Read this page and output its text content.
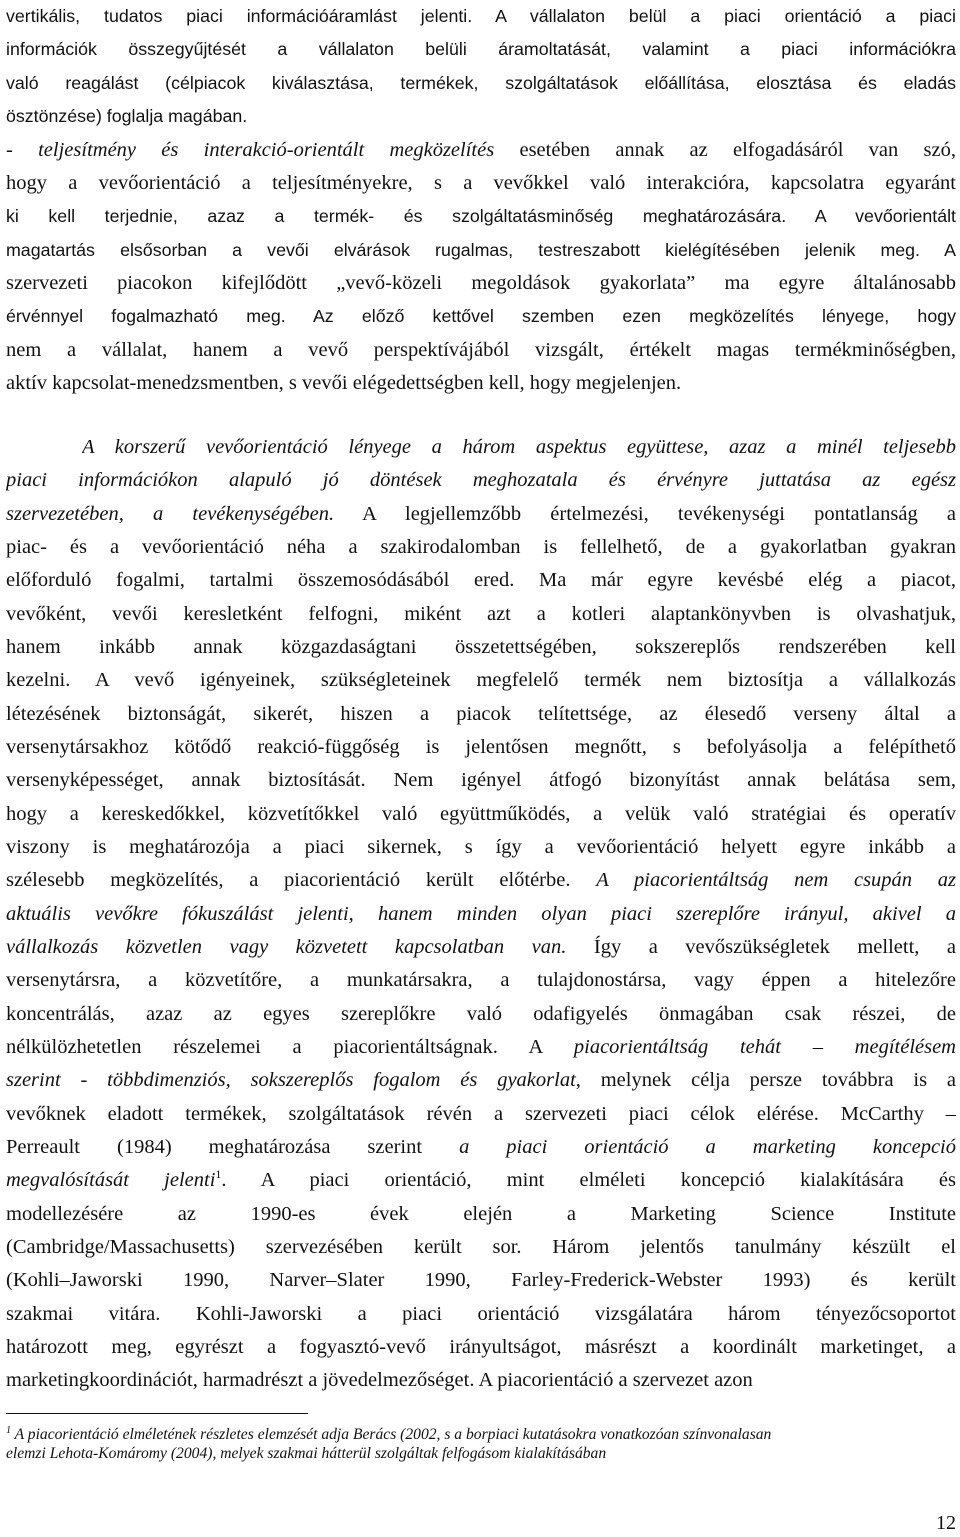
vertikális, tudatos piaci információáramlást jelenti. A vállalaton belül a piaci orientáció a piaci
információk összegyűjtését a vállalaton belüli áramoltatását, valamint a piaci információkra
való reagálást (célpiacok kiválasztása, termékek, szolgáltatások előállítása, elosztása és eladás
ösztönzése) foglalja magában.
- teljesítmény és interakció-orientált megközelítés esetében annak az elfogadásáról van szó,
hogy a vevőorientáció a teljesítményekre, s a vevőkkel való interakcióra, kapcsolatra egyaránt
ki kell terjednie, azaz a termék- és szolgáltatásminőség meghatározására. A vevőorientált
magatartás elsősorban a vevői elvárások rugalmas, testreszabott kielégítésében jelenik meg. A
szervezeti piacokon kifejlődött „vevő-közeli megoldások gyakorlata” ma egyre általánosabb
érvénnyel fogalmazható meg. Az előző kettővel szemben ezen megközelítés lényege, hogy
nem a vállalat, hanem a vevő perspektívájából vizsgált, értékelt magas termékminőségben,
aktív kapcsolat-menedzsmentben, s vevői elégedettségben kell, hogy megjelenjen.
A korszerű vevőorientáció lényege a három aspektus együttese, azaz a minél teljesebb
piaci információkon alapuló jó döntések meghozatala és érvényre juttatása az egész
szervezetében, a tevékenységében. A legjellemzőbb értelmezési, tevékenységi pontatlanság a
piac- és a vevőorientáció néha a szakirodalomban is fellelhető, de a gyakorlatban gyakran
előforduló fogalmi, tartalmi összemosódásából ered. Ma már egyre kevésbé elég a piacot,
vevőként, vevői keresletként felfogni, miként azt a kotleri alaptankönyvben is olvashatjuk,
hanem inkább annak közgazdaságtani összetettségében, sokszereplős rendszerében kell
kezelni. A vevő igényeinek, szükségleteinek megfelelő termék nem biztosítja a vállalkozás
létezésének biztonságát, sikerét, hiszen a piacok telítettsége, az élesedő verseny által a
versenytársakhoz kötődő reakció-függőség is jelentősen megnőtt, s befolyásolja a felépíthető
versenyképességet, annak biztosítását. Nem igényel átfogó bizonyítást annak belátása sem,
hogy a kereskedőkkel, közvetítőkkel való együttműködés, a velük való stratégiai és operatív
viszony is meghatározója a piaci sikernek, s így a vevőorientáció helyett egyre inkább a
szélesebb megközelítés, a piacorientáció került előtérbe. A piacorientáltság nem csupán az
aktuális vevőkre fókuszálást jelenti, hanem minden olyan piaci szereplőre irányul, akivel a
vállalkozás közvetlen vagy közvetett kapcsolatban van. Így a vevőszükségletek mellett, a
versenytársra, a közvetítőre, a munkatársakra, a tulajdonostársa, vagy éppen a hitelezőre
koncentrálás, azaz az egyes szereplőkre való odafigyelés önmagában csak részei, de
nélkülözhetetlen részelemei a piacorientáltságnak. A piacorientáltság tehát – megítélésem
szerint - többdimenziós, sokszereplős fogalom és gyakorlat, melynek célja persze továbbra is a
vevőknek eladott termékek, szolgáltatások révén a szervezeti piaci célok elérése. McCarthy –
Perreault (1984) meghatározása szerint a piaci orientáció a marketing koncepció
megvalósítását jelenti$^1$. A piaci orientáció, mint elméleti koncepció kialakítására és
modellezésére az 1990-es évek elején a Marketing Science Institute
(Cambridge/Massachusetts) szervezésében került sor. Három jelentős tanulmány készült el
(Kohli–Jaworski 1990, Narver–Slater 1990, Farley-Frederick-Webster 1993) és került
szakmai vitára. Kohli-Jaworski a piaci orientáció vizsgálatára három tényezőcsoportot
határozott meg, egyrészt a fogyasztó-vevő irányultságot, másrészt a koordinált marketinget, a
marketingkoordinációt, harmadrészt a jövedelmezőséget. A piacorientáció a szervezet azon
$^1$ A piacorientáció elméletének részletes elemzését adja Berács (2002, s a borpiaci kutatásokra vonatkozóan színvonalasan
elemzi Lehota-Komáromy (2004), melyek szakmai hátterül szolgáltak felfogásom kialakításában
12
